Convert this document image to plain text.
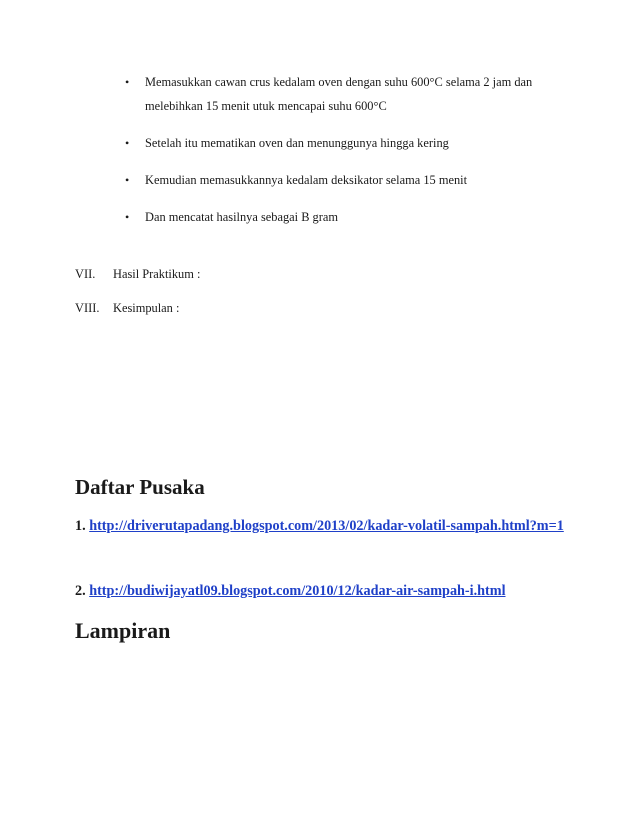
• Memasukkan cawan crus kedalam oven dengan suhu 600°C selama 2 jam dan melebihkan 15 menit utuk mencapai suhu 600°C
• Setelah itu mematikan oven dan menunggunya hingga kering
• Kemudian memasukkannya kedalam deksikator selama 15 menit
• Dan mencatat hasilnya sebagai B gram
VII. Hasil Praktikum :
VIII. Kesimpulan :
Daftar Pusaka
1. http://driverutapadang.blogspot.com/2013/02/kadar-volatil-sampah.html?m=1
2. http://budiwijayatl09.blogspot.com/2010/12/kadar-air-sampah-i.html
Lampiran
